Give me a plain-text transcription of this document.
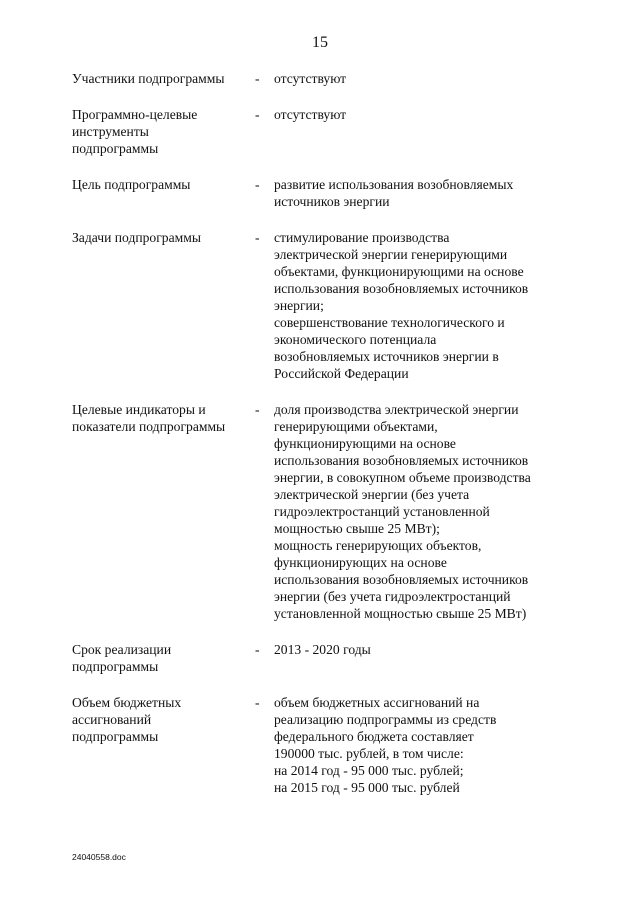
15
Участники подпрограммы	-	отсутствуют
Программно-целевые
инструменты
подпрограммы
-	отсутствуют
Цель подпрограммы	-	развитие использования возобновляемых
источников энергии
Задачи подпрограммы	-	стимулирование производства
электрической энергии генерирующими
объектами, функционирующими на основе
использования возобновляемых источников
энергии;
совершенствование технологического и
экономического потенциала
возобновляемых источников энергии в
Российской Федерации
Целевые индикаторы и
показатели подпрограммы
-	доля производства электрической энергии
генерирующими объектами,
функционирующими на основе
использования возобновляемых источников
энергии, в совокупном объеме производства
электрической энергии (без учета
гидроэлектростанций установленной
мощностью свыше 25 МВт);
мощность генерирующих объектов,
функционирующих на основе
использования возобновляемых источников
энергии (без учета гидроэлектростанций
установленной мощностью свыше 25 МВт)
Срок реализации
подпрограммы
-	2013 - 2020 годы
Объем бюджетных
ассигнований
подпрограммы
-	объем бюджетных ассигнований на
реализацию подпрограммы из средств
федерального бюджета составляет
190000 тыс. рублей, в том числе:
на 2014 год - 95 000 тыс. рублей;
на 2015 год - 95 000 тыс. рублей
24040558.doc
